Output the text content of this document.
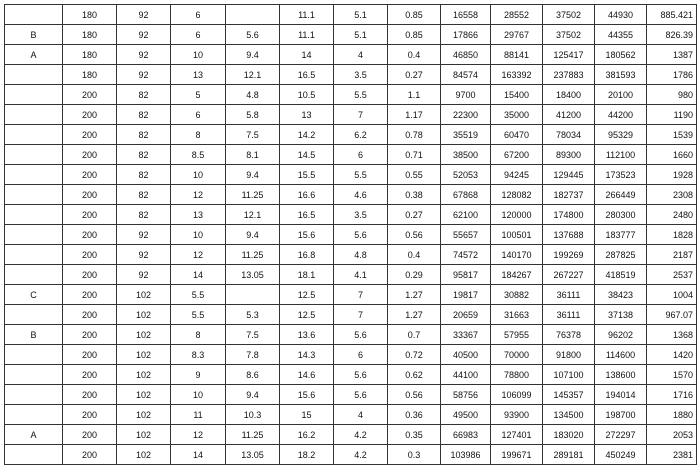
	180	92	6		11.1	5.1	0.85	16558	28552	37502	44930	885.421
B	180	92	6	5.6	11.1	5.1	0.85	17866	29767	37502	44355	826.39
A	180	92	10	9.4	14	4	0.4	46850	88141	125417	180562	1387
	180	92	13	12.1	16.5	3.5	0.27	84574	163392	237883	381593	1786
	200	82	5	4.8	10.5	5.5	1.1	9700	15400	18400	20100	980
	200	82	6	5.8	13	7	1.17	22300	35000	41200	44200	1190
	200	82	8	7.5	14.2	6.2	0.78	35519	60470	78034	95329	1539
	200	82	8.5	8.1	14.5	6	0.71	38500	67200	89300	112100	1660
	200	82	10	9.4	15.5	5.5	0.55	52053	94245	129445	173523	1928
	200	82	12	11.25	16.6	4.6	0.38	67868	128082	182737	266449	2308
	200	82	13	12.1	16.5	3.5	0.27	62100	120000	174800	280300	2480
	200	92	10	9.4	15.6	5.6	0.56	55657	100501	137688	183777	1828
	200	92	12	11.25	16.8	4.8	0.4	74572	140170	199269	287825	2187
	200	92	14	13.05	18.1	4.1	0.29	95817	184267	267227	418519	2537
C	200	102	5.5		12.5	7	1.27	19817	30882	36111	38423	1004
	200	102	5.5	5.3	12.5	7	1.27	20659	31663	36111	37138	967.07
B	200	102	8	7.5	13.6	5.6	0.7	33367	57955	76378	96202	1368
	200	102	8.3	7.8	14.3	6	0.72	40500	70000	91800	114600	1420
	200	102	9	8.6	14.6	5.6	0.62	44100	78800	107100	138600	1570
	200	102	10	9.4	15.6	5.6	0.56	58756	106099	145357	194014	1716
	200	102	11	10.3	15	4	0.36	49500	93900	134500	198700	1880
A	200	102	12	11.25	16.2	4.2	0.35	66983	127401	183020	272297	2053
	200	102	14	13.05	18.2	4.2	0.3	103986	199671	289181	450249	2381
